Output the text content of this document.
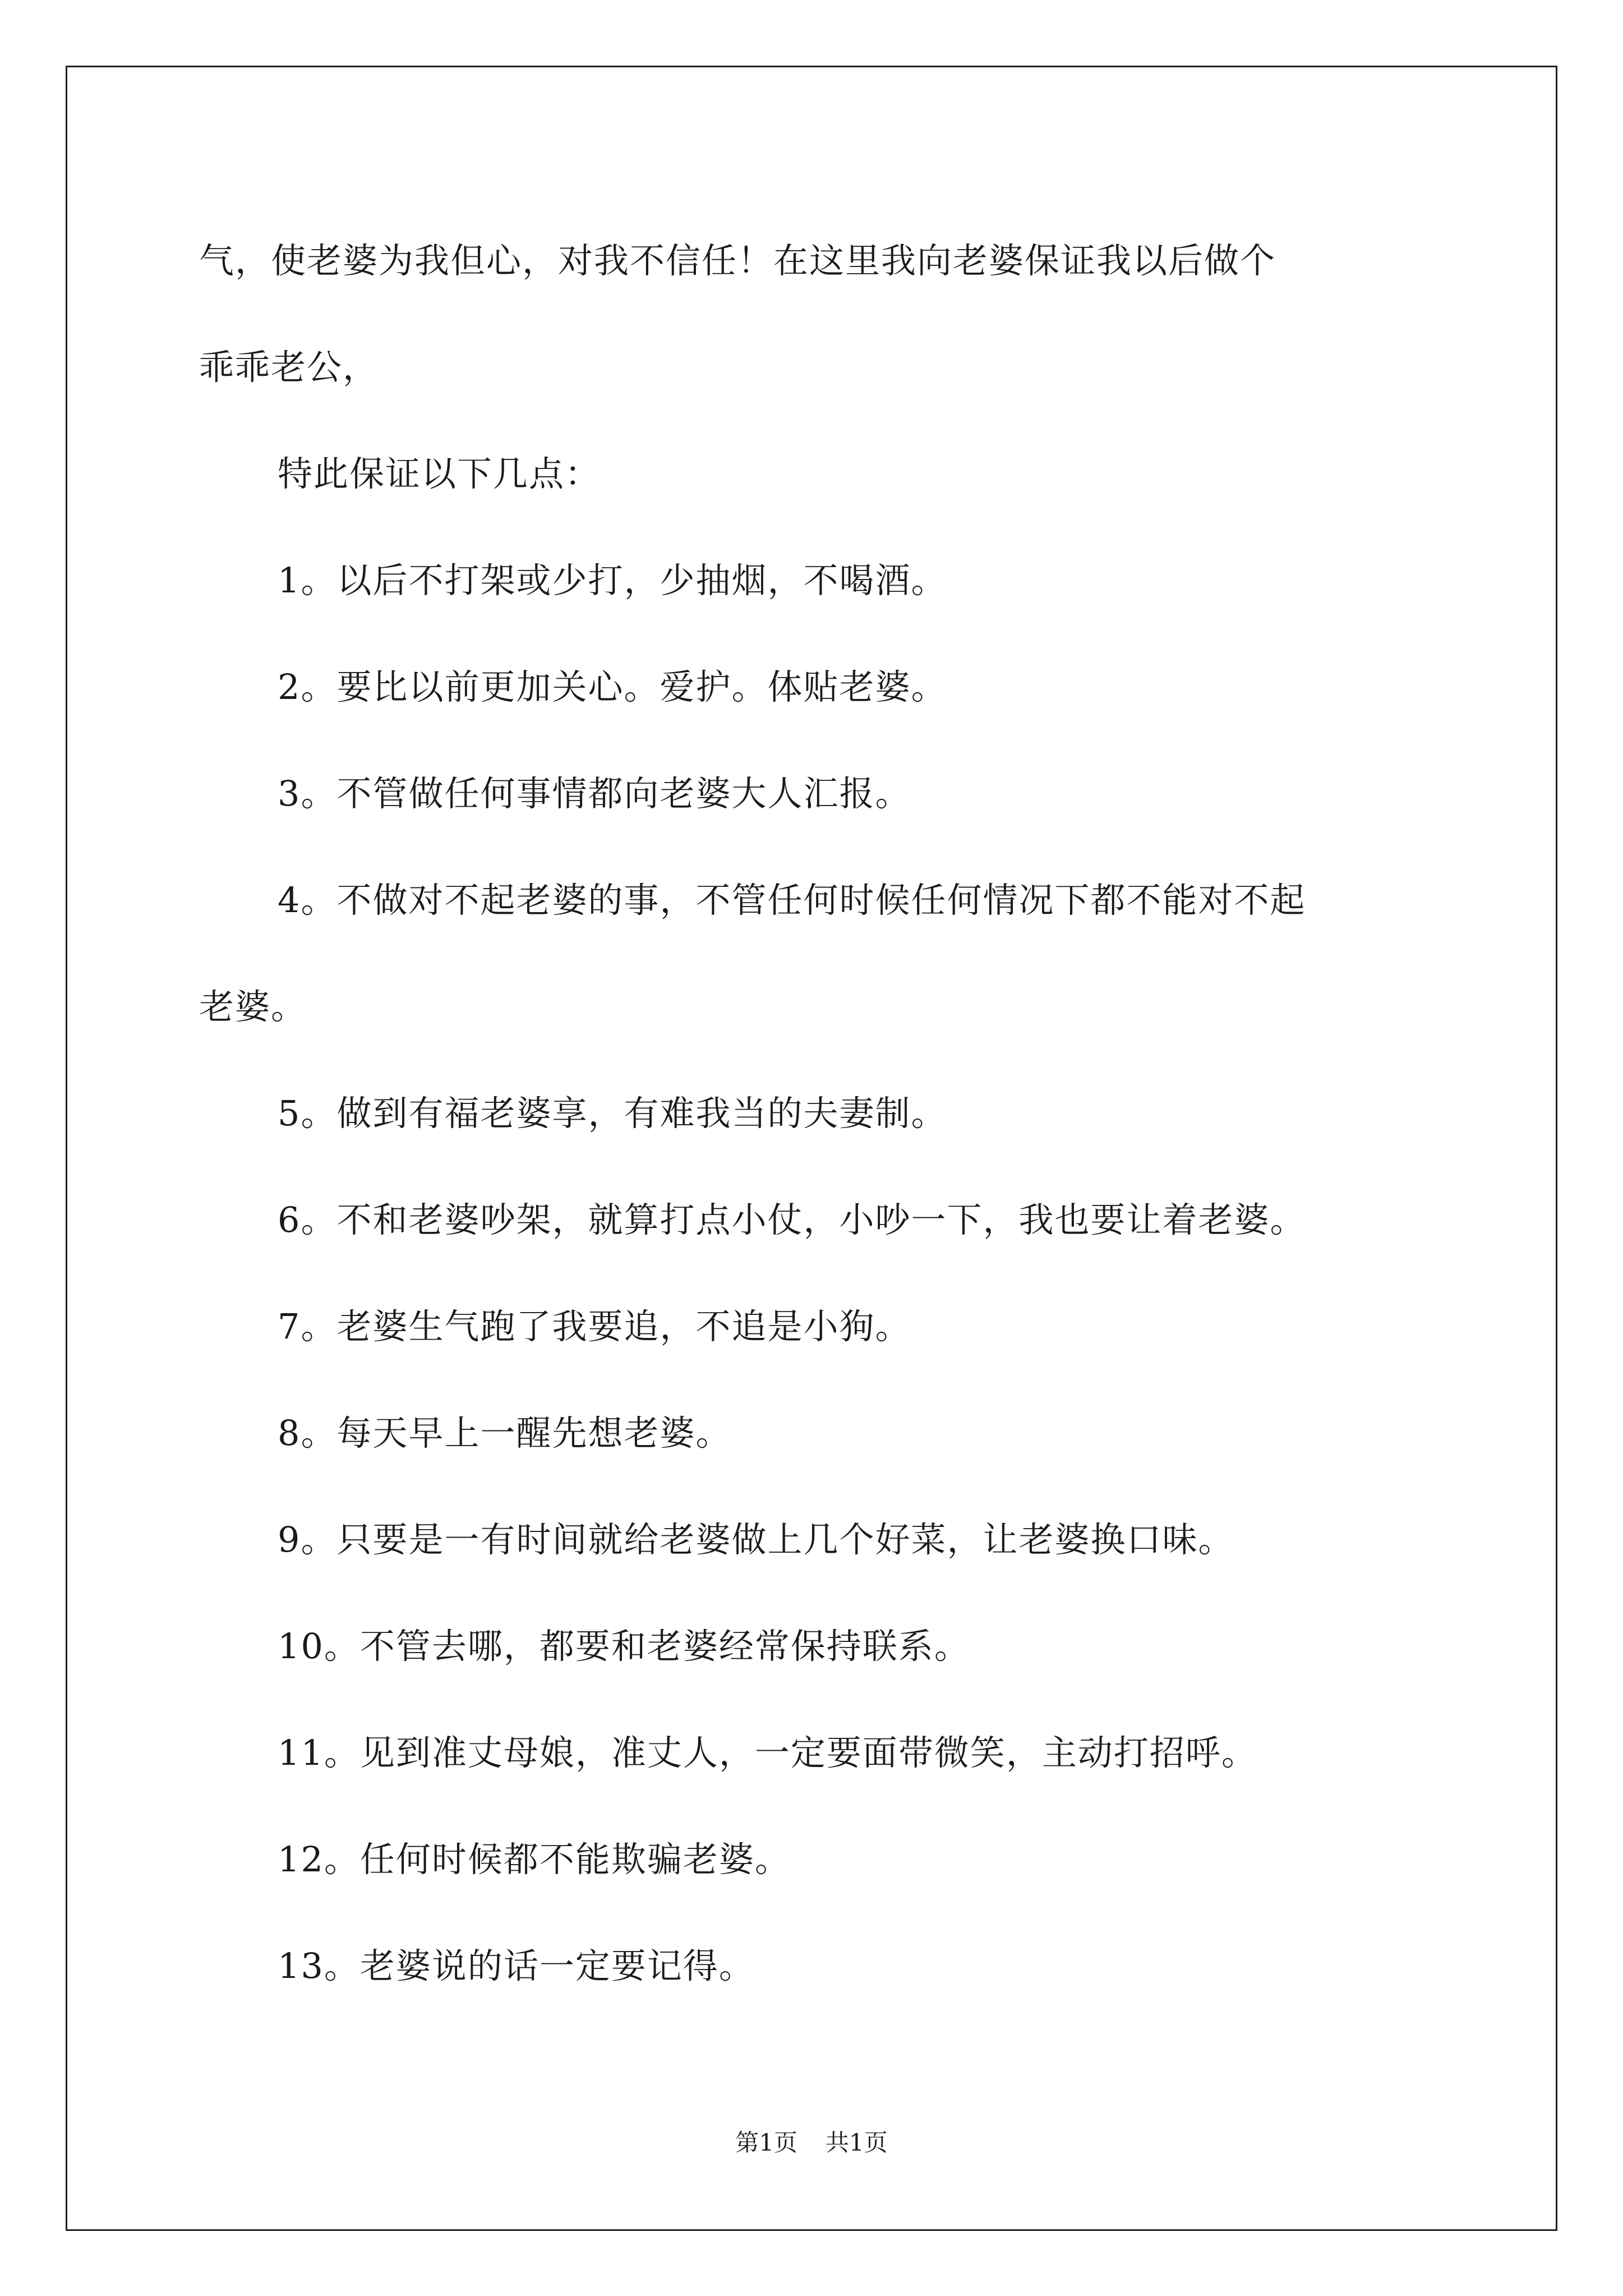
气，使老婆为我但心，对我不信任！在这里我向老婆保证我以后做个
乖乖老公，
特此保证以下几点：
1。以后不打架或少打，少抽烟，不喝酒。
2。要比以前更加关心。爱护。体贴老婆。
3。不管做任何事情都向老婆大人汇报。
4。不做对不起老婆的事，不管任何时候任何情况下都不能对不起
老婆。
5。做到有福老婆享，有难我当的夫妻制。
6。不和老婆吵架，就算打点小仗，小吵一下，我也要让着老婆。
7。老婆生气跑了我要追，不追是小狗。
8。每天早上一醒先想老婆。
9。只要是一有时间就给老婆做上几个好菜，让老婆换口味。
10。不管去哪，都要和老婆经常保持联系。
11。见到准丈母娘，准丈人，一定要面带微笑，主动打招呼。
12。任何时候都不能欺骗老婆。
13。老婆说的话一定要记得。
第1页 共1页
